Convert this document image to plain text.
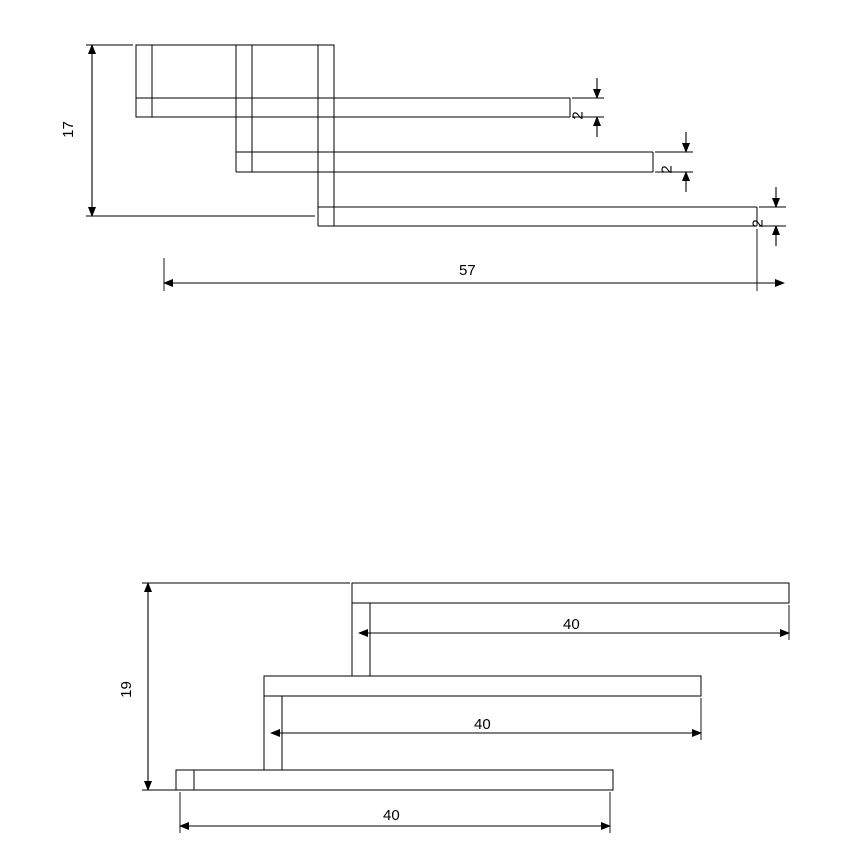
17
2
2
2
57
19
40
40
40
